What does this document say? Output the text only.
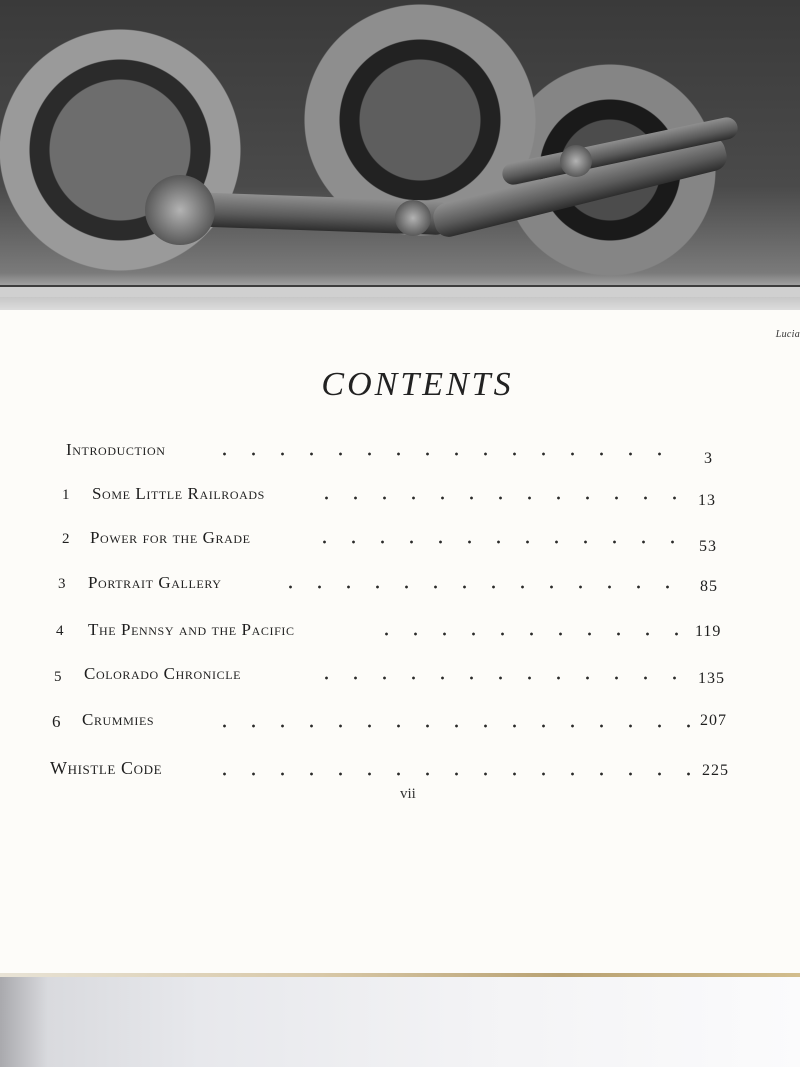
Lucia
CONTENTS

Introduction	3
1 Some Little Railroads	13
2 Power for the Grade	53
3 Portrait Gallery	85
4 The Pennsy and the Pacific	119
5 Colorado Chronicle	135
6 Crummies	207
Whistle Code	225
vii
